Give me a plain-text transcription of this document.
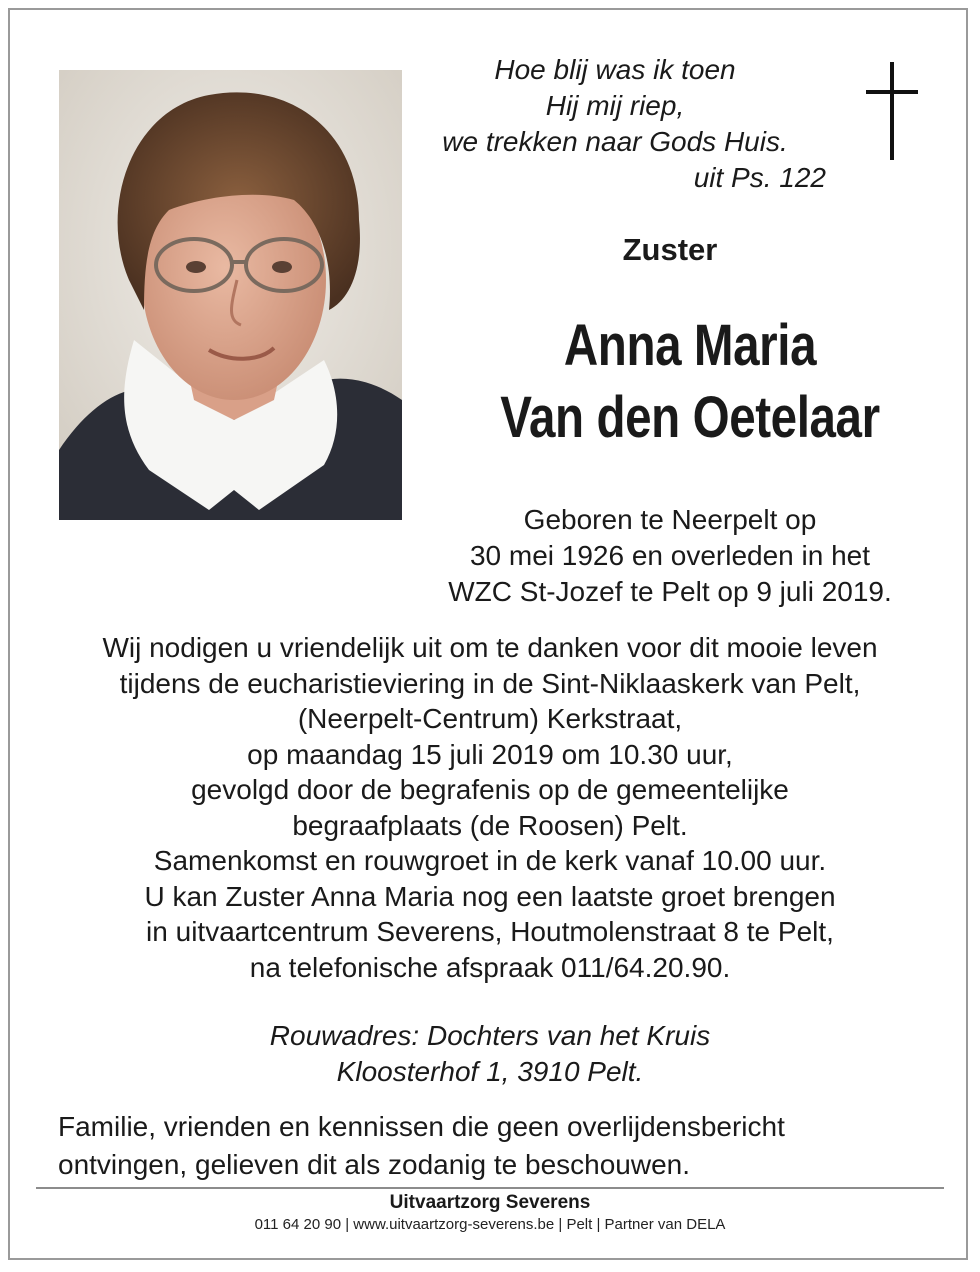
Hoe blij was ik toen
Hij mij riep,
we trekken naar Gods Huis.
uit Ps. 122
Zuster
Anna Maria
Van den Oetelaar
Geboren te Neerpelt op
30 mei 1926 en overleden in het
WZC St-Jozef te Pelt op 9 juli 2019.
Wij nodigen u vriendelijk uit om te danken voor dit mooie leven
tijdens de eucharistieviering in de Sint-Niklaaskerk van Pelt,
(Neerpelt-Centrum) Kerkstraat,
op maandag 15 juli 2019 om 10.30 uur,
gevolgd door de begrafenis op de gemeentelijke
begraafplaats (de Roosen) Pelt.
Samenkomst en rouwgroet in de kerk vanaf 10.00 uur.
U kan Zuster Anna Maria nog een laatste groet brengen
in uitvaartcentrum Severens, Houtmolenstraat 8 te Pelt,
na telefonische afspraak 011/64.20.90.
Rouwadres: Dochters van het Kruis
Kloosterhof 1, 3910 Pelt.
Familie, vrienden en kennissen die geen overlijdensbericht
ontvingen, gelieven dit als zodanig te beschouwen.
Uitvaartzorg Severens
011 64 20 90 | www.uitvaartzorg-severens.be | Pelt | Partner van DELA
